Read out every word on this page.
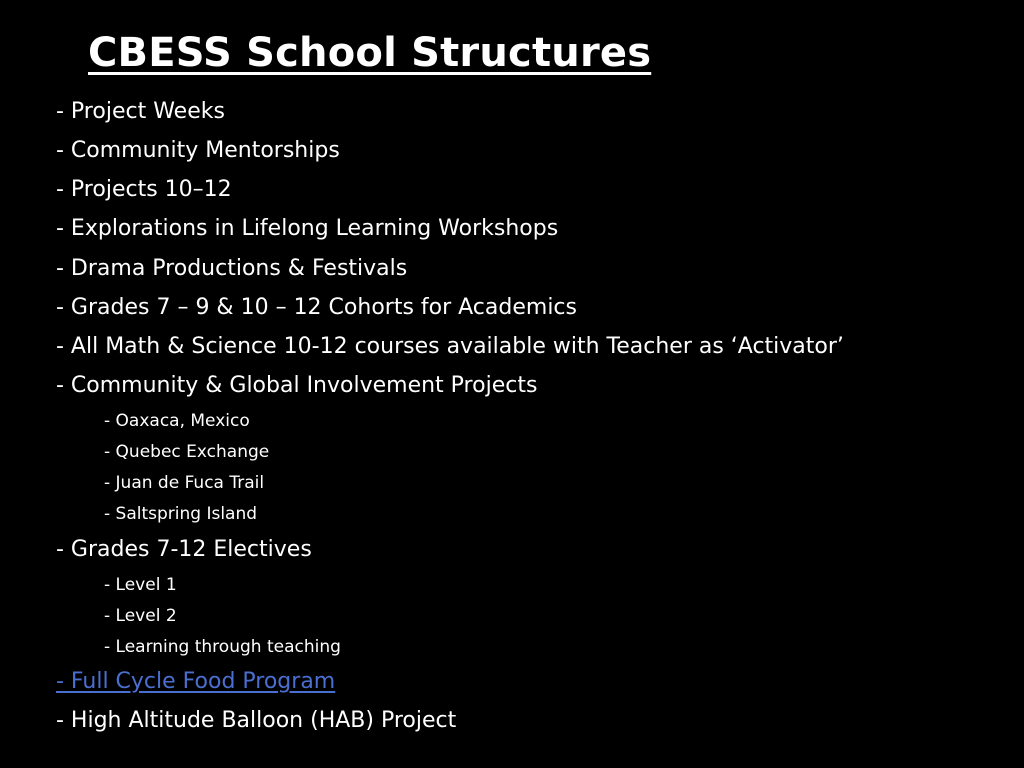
CBESS School Structures
- Project Weeks
- Community Mentorships
- Projects 10–12
- Explorations in Lifelong Learning Workshops
- Drama Productions & Festivals
- Grades 7 – 9 & 10 – 12 Cohorts for Academics
- All Math & Science 10-12 courses available with Teacher as ‘Activator’
- Community & Global Involvement Projects
- Oaxaca, Mexico
- Quebec Exchange
- Juan de Fuca Trail
- Saltspring Island
- Grades 7-12 Electives
- Level 1
- Level 2
- Learning through teaching
- Full Cycle Food Program
- High Altitude Balloon (HAB) Project
